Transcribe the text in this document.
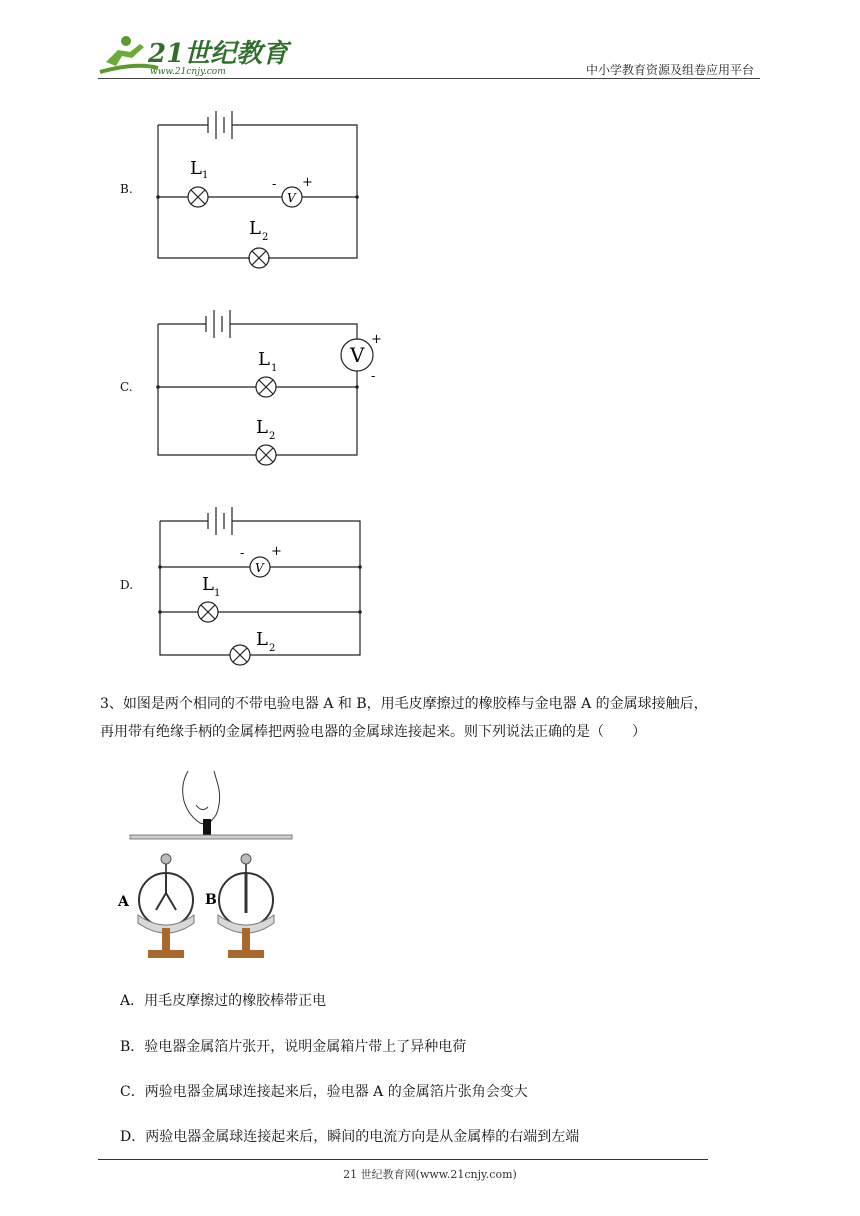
21世纪教育
www.21cnjy.com	中小学教育资源及组卷应用平台
B.
L 1
V
- +
L 2
C.
V
+
-
L 1
L 2
D.
V
- +
L 1
L 2
3、如图是两个相同的不带电验电器 A 和 B，用毛皮摩擦过的橡胶棒与金电器 A 的金属球接触后，
再用带有绝缘手柄的金属棒把两验电器的金属球连接起来。则下列说法正确的是（　　）
A	B
A．用毛皮摩擦过的橡胶棒带正电
B．验电器金属箔片张开，说明金属箱片带上了异种电荷
C．两验电器金属球连接起来后，验电器 A 的金属箔片张角会变大
D．两验电器金属球连接起来后，瞬间的电流方向是从金属棒的右端到左端
21 世纪教育网(www.21cnjy.com)
